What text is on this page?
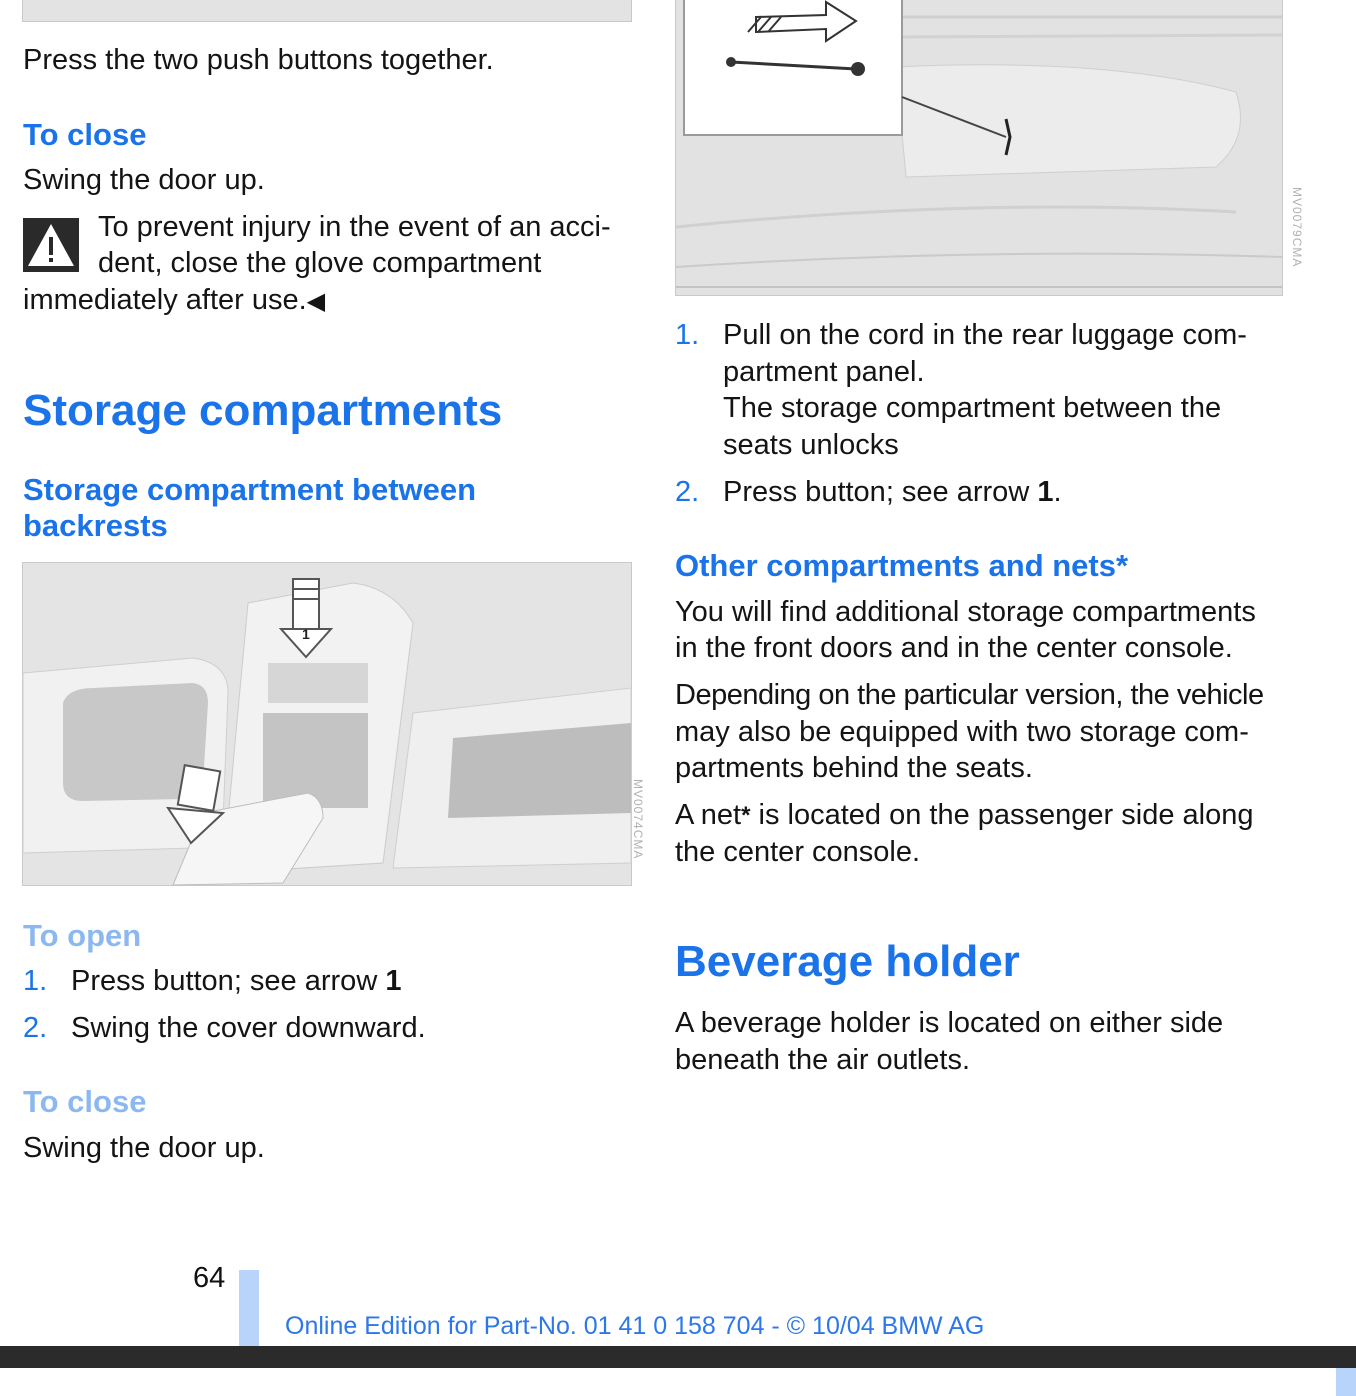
Press the two push buttons together.
To close
Swing the door up.
To prevent injury in the event of an acci-
dent, close the glove compartment
immediately after use.◀
Storage compartments
Storage compartment between
backrests
1
MV0074CMA
To open
1. Press button; see arrow 1
2. Swing the cover downward.
To close
Swing the door up.
MV0079CMA
1. Pull on the cord in the rear luggage com-
partment panel.
The storage compartment between the
seats unlocks
2. Press button; see arrow 1.
Other compartments and nets*
You will find additional storage compartments
in the front doors and in the center console.
Depending on the particular version, the vehicle
may also be equipped with two storage com-
partments behind the seats.
A net* is located on the passenger side along
the center console.
Beverage holder
A beverage holder is located on either side
beneath the air outlets.
64
Online Edition for Part-No. 01 41 0 158 704 - © 10/04 BMW AG
